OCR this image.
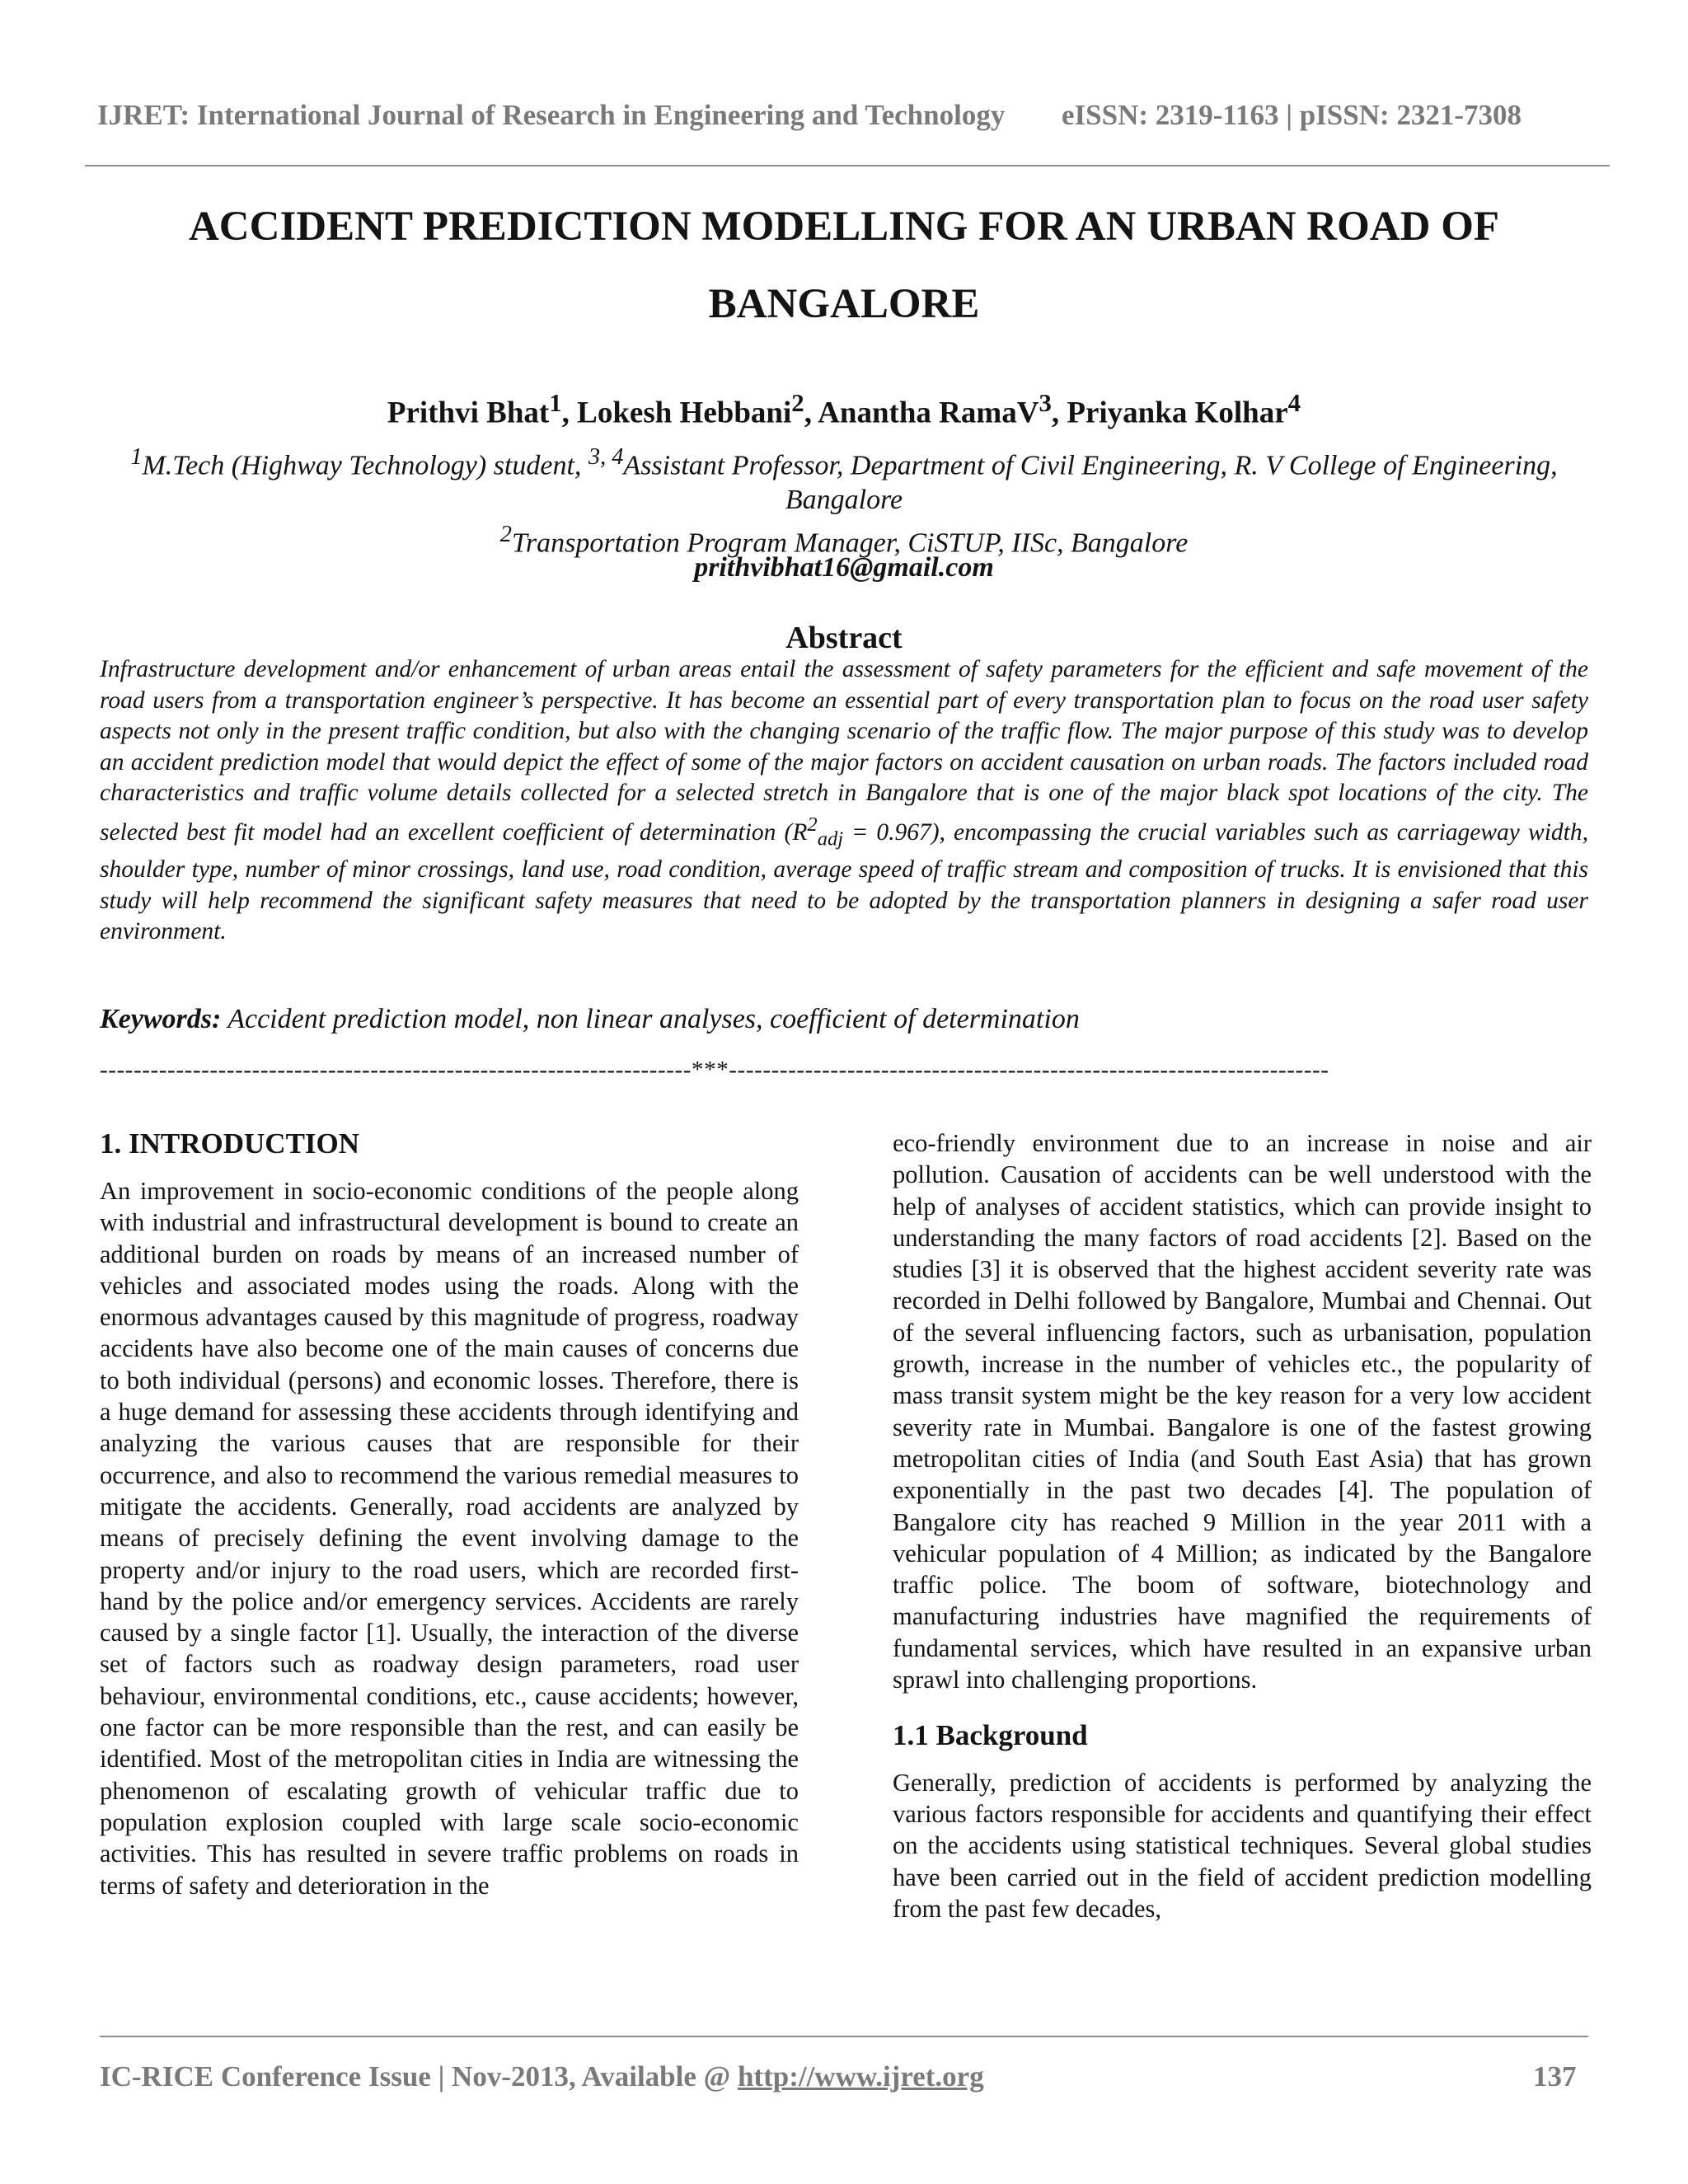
IJRET: International Journal of Research in Engineering and Technology eISSN: 2319-1163 | pISSN: 2321-7308
ACCIDENT PREDICTION MODELLING FOR AN URBAN ROAD OF
BANGALORE
Prithvi Bhat$^1$, Lokesh Hebbani$^2$, Anantha RamaV$^3$, Priyanka Kolhar$^4$
$^1$M.Tech (Highway Technology) student, $^{3, 4}$Assistant Professor, Department of Civil Engineering, R. V College of Engineering, Bangalore
$^2$Transportation Program Manager, CiSTUP, IISc, Bangalore
prithvibhat16@gmail.com
Abstract
Infrastructure development and/or enhancement of urban areas entail the assessment of safety parameters for the efficient and safe movement of the road users from a transportation engineer’s perspective. It has become an essential part of every transportation plan to focus on the road user safety aspects not only in the present traffic condition, but also with the changing scenario of the traffic flow. The major purpose of this study was to develop an accident prediction model that would depict the effect of some of the major factors on accident causation on urban roads. The factors included road characteristics and traffic volume details collected for a selected stretch in Bangalore that is one of the major black spot locations of the city. The selected best fit model had an excellent coefficient of determination $(R^2_{adj} = 0.967)$, encompassing the crucial variables such as carriageway width, shoulder type, number of minor crossings, land use, road condition, average speed of traffic stream and composition of trucks. It is envisioned that this study will help recommend the significant safety measures that need to be adopted by the transportation planners in designing a safer road user environment.
Keywords: Accident prediction model, non linear analyses, coefficient of determination
----------------------------------------------------------------------***-----------------------------------------------------------------------
1. INTRODUCTION

An improvement in socio-economic conditions of the people along with industrial and infrastructural development is bound to create an additional burden on roads by means of an increased number of vehicles and associated modes using the roads. Along with the enormous advantages caused by this magnitude of progress, roadway accidents have also become one of the main causes of concerns due to both individual (persons) and economic losses. Therefore, there is a huge demand for assessing these accidents through identifying and analyzing the various causes that are responsible for their occurrence, and also to recommend the various remedial measures to mitigate the accidents. Generally, road accidents are analyzed by means of precisely defining the event involving damage to the property and/or injury to the road users, which are recorded first-hand by the police and/or emergency services. Accidents are rarely caused by a single factor [1]. Usually, the interaction of the diverse set of factors such as roadway design parameters, road user behaviour, environmental conditions, etc., cause accidents; however, one factor can be more responsible than the rest, and can easily be identified. Most of the metropolitan cities in India are witnessing the phenomenon of escalating growth of vehicular traffic due to population explosion coupled with large scale socio-economic activities. This has resulted in severe traffic problems on roads in terms of safety and deterioration in the

eco-friendly environment due to an increase in noise and air pollution. Causation of accidents can be well understood with the help of analyses of accident statistics, which can provide insight to understanding the many factors of road accidents [2]. Based on the studies [3] it is observed that the highest accident severity rate was recorded in Delhi followed by Bangalore, Mumbai and Chennai. Out of the several influencing factors, such as urbanisation, population growth, increase in the number of vehicles etc., the popularity of mass transit system might be the key reason for a very low accident severity rate in Mumbai. Bangalore is one of the fastest growing metropolitan cities of India (and South East Asia) that has grown exponentially in the past two decades [4]. The population of Bangalore city has reached 9 Million in the year 2011 with a vehicular population of 4 Million; as indicated by the Bangalore traffic police. The boom of software, biotechnology and manufacturing industries have magnified the requirements of fundamental services, which have resulted in an expansive urban sprawl into challenging proportions.

1.1 Background

Generally, prediction of accidents is performed by analyzing the various factors responsible for accidents and quantifying their effect on the accidents using statistical techniques. Several global studies have been carried out in the field of accident prediction modelling from the past few decades,

IC-RICE Conference Issue | Nov-2013, Available @ http://www.ijret.org	137
